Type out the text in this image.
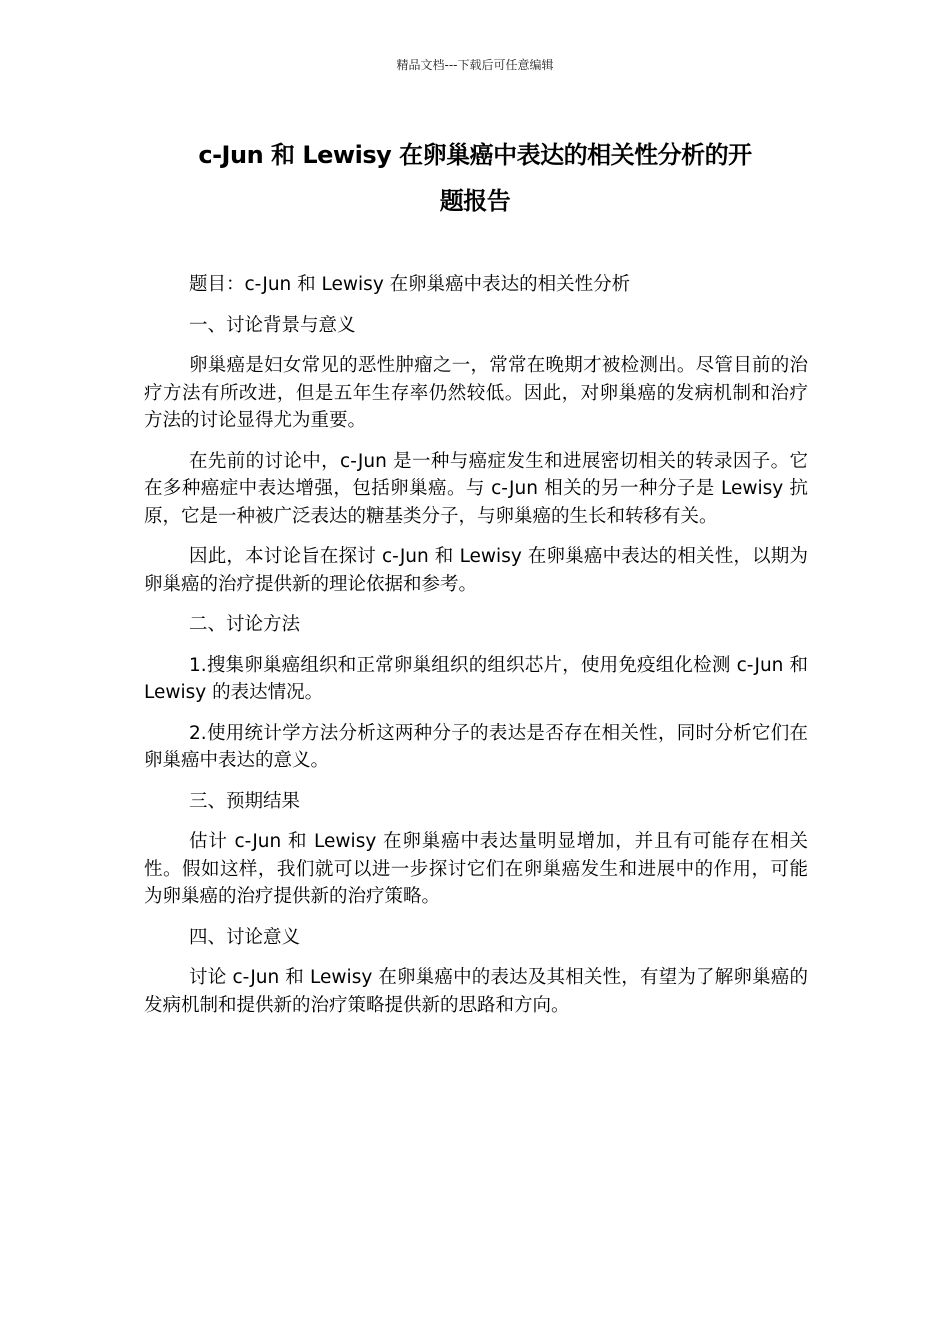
精品文档---下载后可任意编辑
c-Jun 和 Lewisy 在卵巢癌中表达的相关性分析的开
题报告

题目：c-Jun 和 Lewisy 在卵巢癌中表达的相关性分析

一、讨论背景与意义

卵巢癌是妇女常见的恶性肿瘤之一，常常在晚期才被检测出。尽管目前的治疗方法有所改进，但是五年生存率仍然较低。因此，对卵巢癌的发病机制和治疗方法的讨论显得尤为重要。

在先前的讨论中，c-Jun 是一种与癌症发生和进展密切相关的转录因子。它在多种癌症中表达增强，包括卵巢癌。与 c-Jun 相关的另一种分子是 Lewisy 抗原，它是一种被广泛表达的糖基类分子，与卵巢癌的生长和转移有关。

因此，本讨论旨在探讨 c-Jun 和 Lewisy 在卵巢癌中表达的相关性，以期为卵巢癌的治疗提供新的理论依据和参考。

二、讨论方法

1.搜集卵巢癌组织和正常卵巢组织的组织芯片，使用免疫组化检测 c-Jun 和 Lewisy 的表达情况。

2.使用统计学方法分析这两种分子的表达是否存在相关性，同时分析它们在卵巢癌中表达的意义。

三、预期结果

估计 c-Jun 和 Lewisy 在卵巢癌中表达量明显增加，并且有可能存在相关性。假如这样，我们就可以进一步探讨它们在卵巢癌发生和进展中的作用，可能为卵巢癌的治疗提供新的治疗策略。

四、讨论意义

讨论 c-Jun 和 Lewisy 在卵巢癌中的表达及其相关性，有望为了解卵巢癌的发病机制和提供新的治疗策略提供新的思路和方向。
